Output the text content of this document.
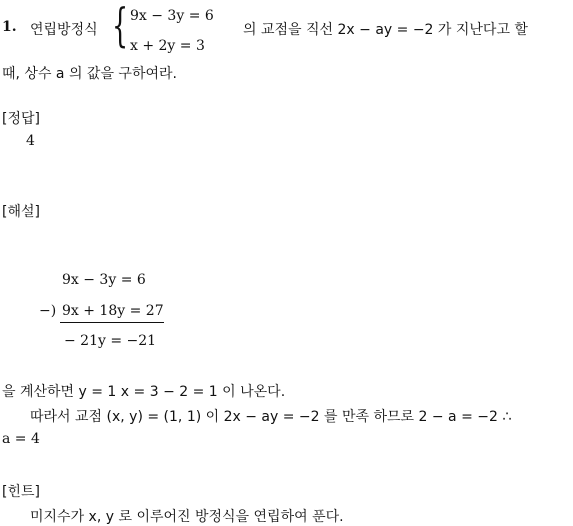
1. 연립방정식 { 9x − 3y = 6
x + 2y = 3
의 교점을 직선 2x − ay = −2 가 지난다고 할
때, 상수 a 의 값을 구하여라.
[정답]
4
[해설]
9x − 3y = 6
−) 9x + 18y = 27
− 21y = −21
을 계산하면 y = 1 x = 3 − 2 = 1 이 나온다.
따라서 교점 (x, y) = (1, 1) 이 2x − ay = −2 를 만족 하므로 2 − a = −2 ∴
a = 4
[힌트]
미지수가 x, y 로 이루어진 방정식을 연립하여 푼다.
